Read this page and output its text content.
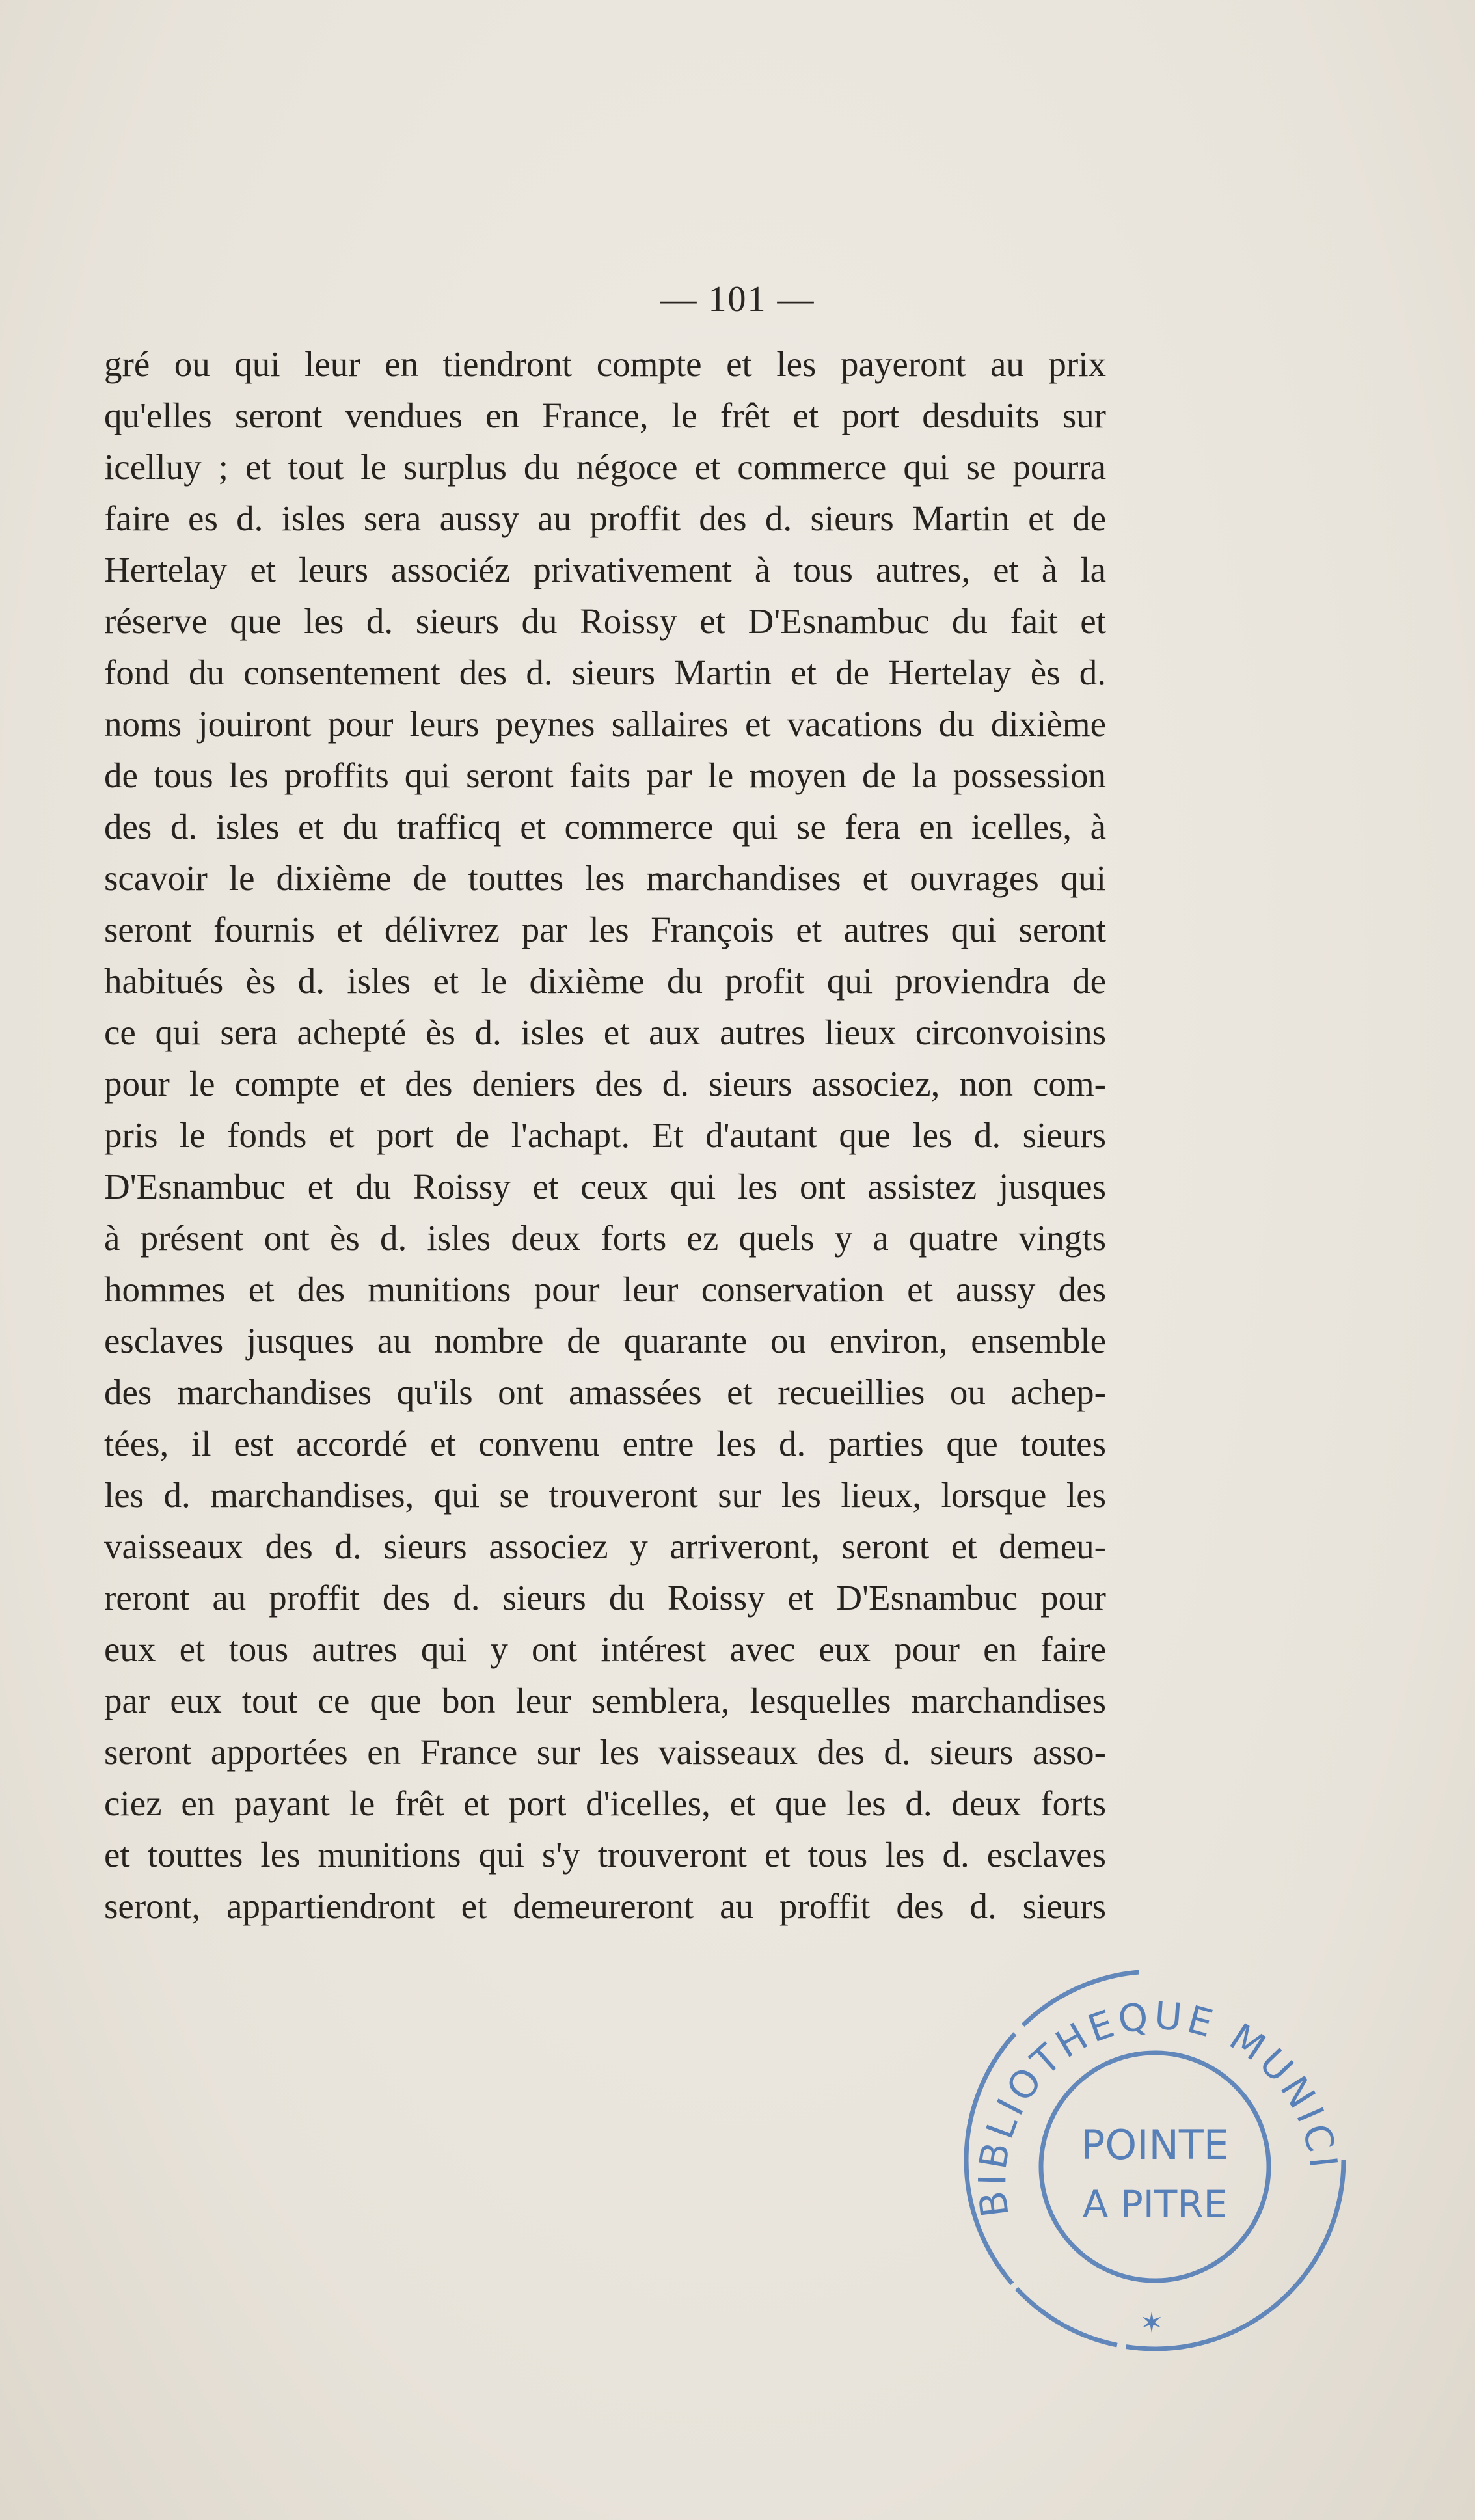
— 101 —
gré ou qui leur en tiendront compte et les payeront au prix
qu'elles seront vendues en France, le frêt et port desduits sur
icelluy ; et tout le surplus du négoce et commerce qui se pourra
faire es d. isles sera aussy au proffit des d. sieurs Martin et de
Hertelay et leurs associéz privativement à tous autres, et à la
réserve que les d. sieurs du Roissy et D'Esnambuc du fait et
fond du consentement des d. sieurs Martin et de Hertelay ès d.
noms jouiront pour leurs peynes sallaires et vacations du dixième
de tous les proffits qui seront faits par le moyen de la possession
des d. isles et du trafficq et commerce qui se fera en icelles, à
scavoir le dixième de touttes les marchandises et ouvrages qui
seront fournis et délivrez par les François et autres qui seront
habitués ès d. isles et le dixième du profit qui proviendra de
ce qui sera achepté ès d. isles et aux autres lieux circonvoisins
pour le compte et des deniers des d. sieurs associez, non com-
pris le fonds et port de l'achapt. Et d'autant que les d. sieurs
D'Esnambuc et du Roissy et ceux qui les ont assistez jusques
à présent ont ès d. isles deux forts ez quels y a quatre vingts
hommes et des munitions pour leur conservation et aussy des
esclaves jusques au nombre de quarante ou environ, ensemble
des marchandises qu'ils ont amassées et recueillies ou achep-
tées, il est accordé et convenu entre les d. parties que toutes
les d. marchandises, qui se trouveront sur les lieux, lorsque les
vaisseaux des d. sieurs associez y arriveront, seront et demeu-
reront au proffit des d. sieurs du Roissy et D'Esnambuc pour
eux et tous autres qui y ont intérest avec eux pour en faire
par eux tout ce que bon leur semblera, lesquelles marchandises
seront apportées en France sur les vaisseaux des d. sieurs asso-
ciez en payant le frêt et port d'icelles, et que les d. deux forts
et touttes les munitions qui s'y trouveront et tous les d. esclaves
seront, appartiendront et demeureront au proffit des d. sieurs
BIBLIOTHEQUE MUNICI
POINTE
A PITRE
✶
